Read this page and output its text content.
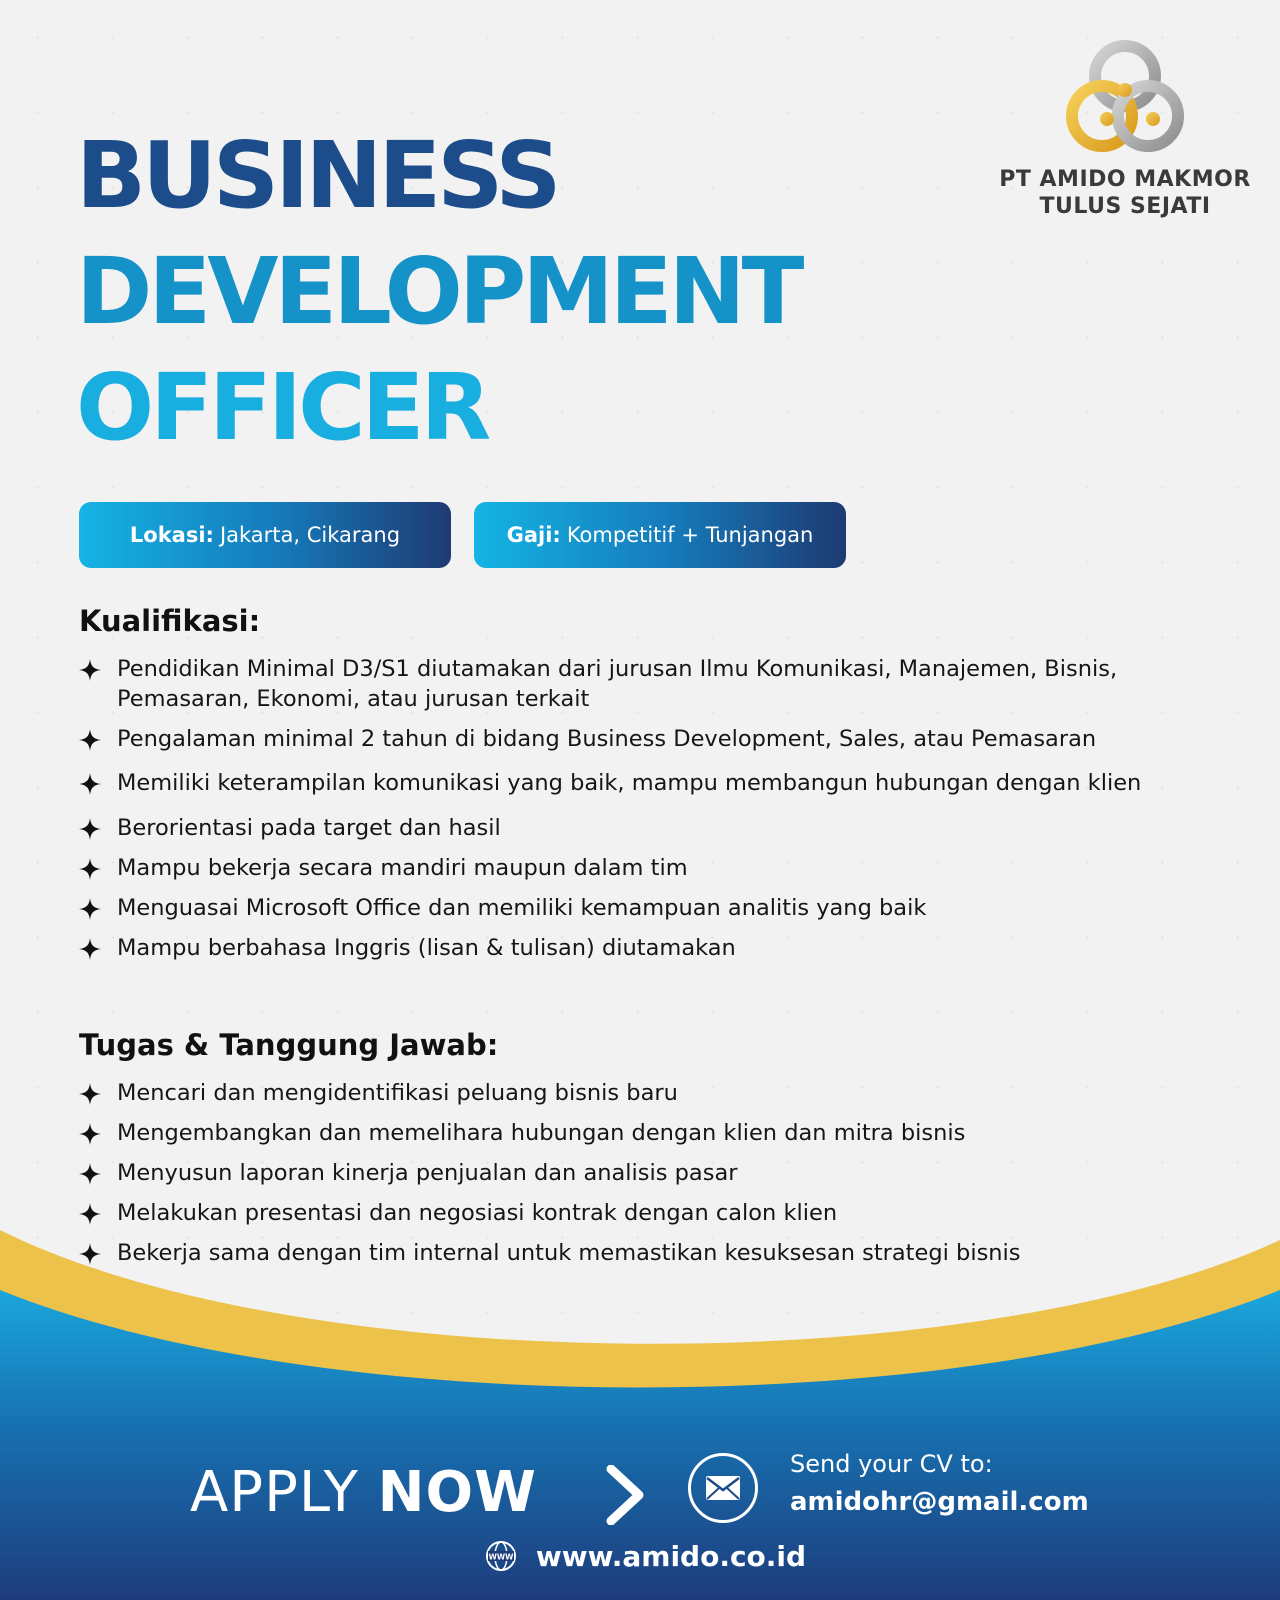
PT AMIDO MAKMOR
TULUS SEJATI
BUSINESS
DEVELOPMENT
OFFICER
Lokasi: Jakarta, Cikarang	Gaji: Kompetitif + Tunjangan
Kualifikasi:
Pendidikan Minimal D3/S1 diutamakan dari jurusan Ilmu Komunikasi, Manajemen, Bisnis, Pemasaran, Ekonomi, atau jurusan terkait
Pengalaman minimal 2 tahun di bidang Business Development, Sales, atau Pemasaran
Memiliki keterampilan komunikasi yang baik, mampu membangun hubungan dengan klien
Berorientasi pada target dan hasil
Mampu bekerja secara mandiri maupun dalam tim
Menguasai Microsoft Office dan memiliki kemampuan analitis yang baik
Mampu berbahasa Inggris (lisan & tulisan) diutamakan
Tugas & Tanggung Jawab:
Mencari dan mengidentifikasi peluang bisnis baru
Mengembangkan dan memelihara hubungan dengan klien dan mitra bisnis
Menyusun laporan kinerja penjualan dan analisis pasar
Melakukan presentasi dan negosiasi kontrak dengan calon klien
Bekerja sama dengan tim internal untuk memastikan kesuksesan strategi bisnis
APPLY NOW	Send your CV to:
amidohr@gmail.com
WWW www.amido.co.id
